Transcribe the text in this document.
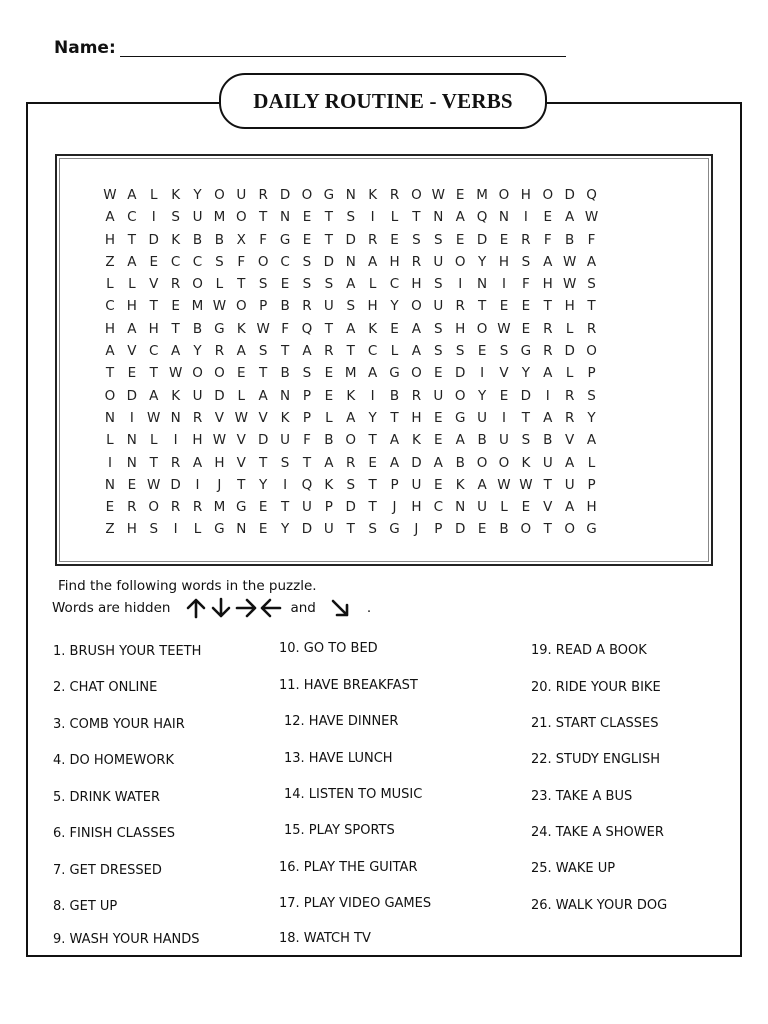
Name:
DAILY ROUTINE - VERBS
W A	L	K Y O U R D O G N K R O W E M O H O D Q
A C	I	S U M O T N E	T S	I	L	T N A Q N	I	E A W
H T D K B B X F G E	T D R E S S E D E R F B F
Z A E C C S	F O C S D N A H R U O Y H S A W A
L	L	V R O L	T S E S S A	L C H S	I	N	I	F H W S
C H T	E M W O P B R U S H Y O U R T	E E	T H T
H A H T B G K W F Q T A K E A S H O W E R L R
A V C A Y R A S T A R T C L	A S S E S G R D O
T	E	T W O O E	T B S E M A G O E D	I	V Y A	L	P
O D A K U D L	A N P	E K	I	B R U O Y	E D	I	R S
N	I W N R V W V K P	L	A Y	T H E G U	I	T A R Y
L N L	I	H W V D U F B O T A K E A B U S B V A
I	N T R A H V T S T A R E A D A B O O K U A	L
N E W D	I	J	T	Y	I	Q K S T	P U E K A W W T U P
E R O R R M G E	T U P D T	J	H C N U L	E V A H
Z H S	I	L G N E	Y D U T S G	J	P D E B O T O G
Find the following words in the puzzle.
Words are hidden	and	.
1. BRUSH YOUR TEETH
2. CHAT ONLINE
3. COMB YOUR HAIR
4. DO HOMEWORK
5. DRINK WATER
6. FINISH CLASSES
7. GET DRESSED
8. GET UP
9. WASH YOUR HANDS
10. GO TO BED
11. HAVE BREAKFAST
12. HAVE DINNER
13. HAVE LUNCH
14. LISTEN TO MUSIC
15. PLAY SPORTS
16. PLAY THE GUITAR
17. PLAY VIDEO GAMES
18. WATCH TV
19. READ A BOOK
20. RIDE YOUR BIKE
21. START CLASSES
22. STUDY ENGLISH
23. TAKE A BUS
24. TAKE A SHOWER
25. WAKE UP
26. WALK YOUR DOG
